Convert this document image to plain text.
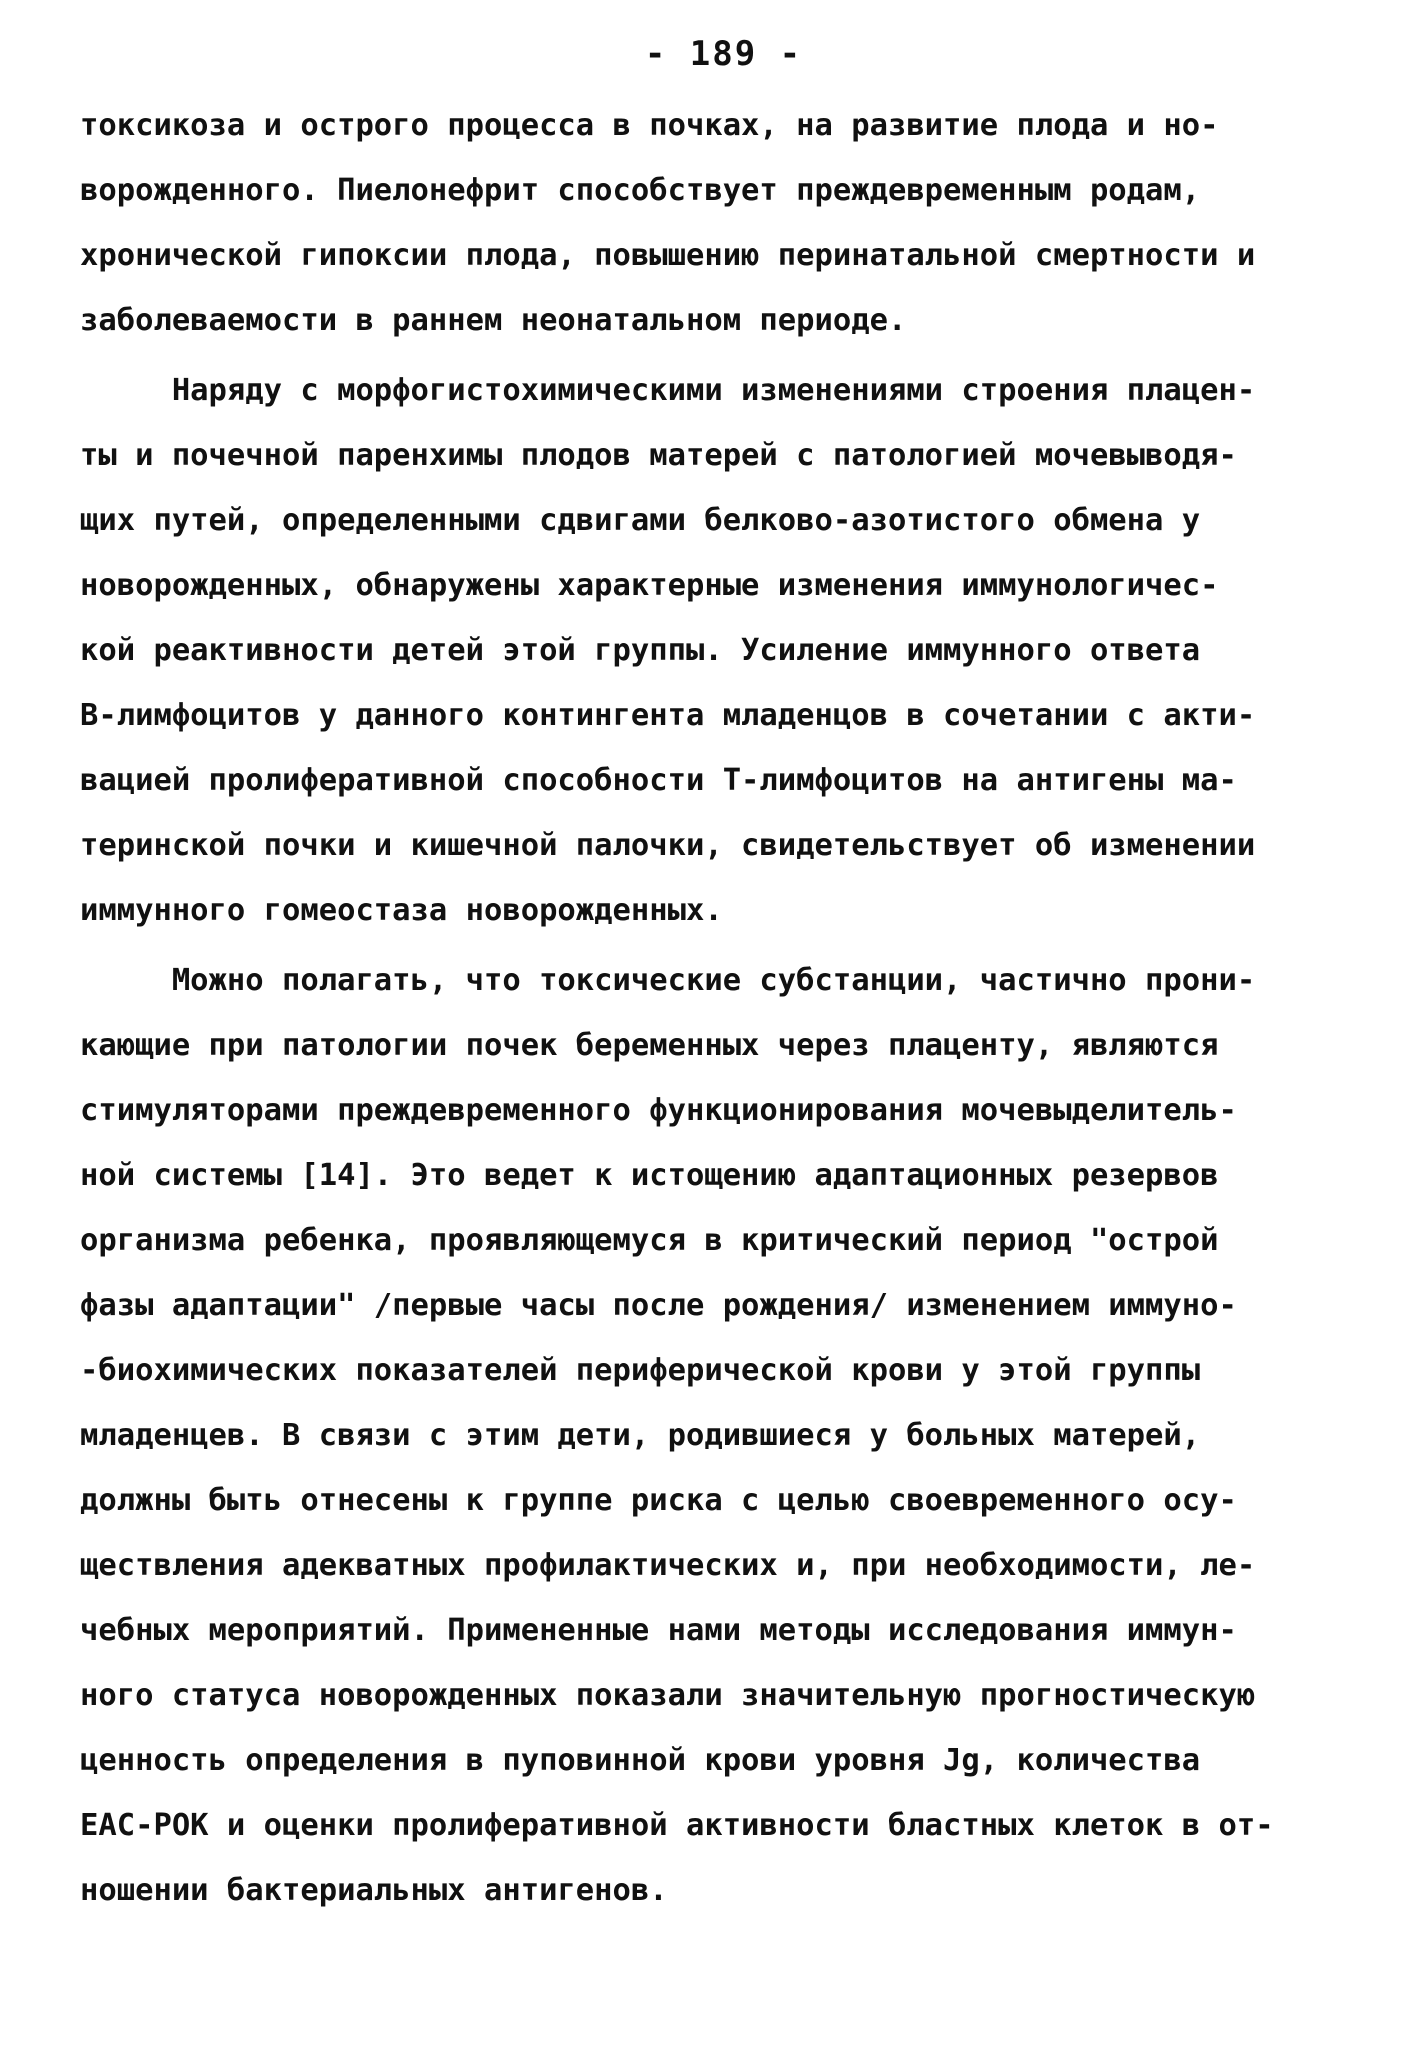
- 189 -
токсикоза и острого процесса в почках, на развитие плода и но-
ворожденного. Пиелонефрит способствует преждевременным родам,
хронической гипоксии плода, повышению перинатальной смертности и
заболеваемости в раннем неонатальном периоде.
Наряду с морфогистохимическими изменениями строения плацен-
ты и почечной паренхимы плодов матерей с патологией мочевыводя-
щих путей, определенными сдвигами белково-азотистого обмена у
новорожденных, обнаружены характерные изменения иммунологичес-
кой реактивности детей этой группы. Усиление иммунного ответа
В-лимфоцитов у данного контингента младенцов в сочетании с акти-
вацией пролиферативной способности Т-лимфоцитов на антигены ма-
теринской почки и кишечной палочки, свидетельствует об изменении
иммунного гомеостаза новорожденных.
Можно полагать, что токсические субстанции, частично прони-
кающие при патологии почек беременных через плаценту, являются
стимуляторами преждевременного функционирования мочевыделитель-
ной системы [14]. Это ведет к истощению адаптационных резервов
организма ребенка, проявляющемуся в критический период "острой
фазы адаптации" /первые часы после рождения/ изменением иммуно-
-биохимических показателей периферической крови у этой группы
младенцев. В связи с этим дети, родившиеся у больных матерей,
должны быть отнесены к группе риска с целью своевременного осу-
ществления адекватных профилактических и, при необходимости, ле-
чебных мероприятий. Примененные нами методы исследования иммун-
ного статуса новорожденных показали значительную прогностическую
ценность определения в пуповинной крови уровня Jg, количества
ЕАС-РОК и оценки пролиферативной активности бластных клеток в от-
ношении бактериальных антигенов.
